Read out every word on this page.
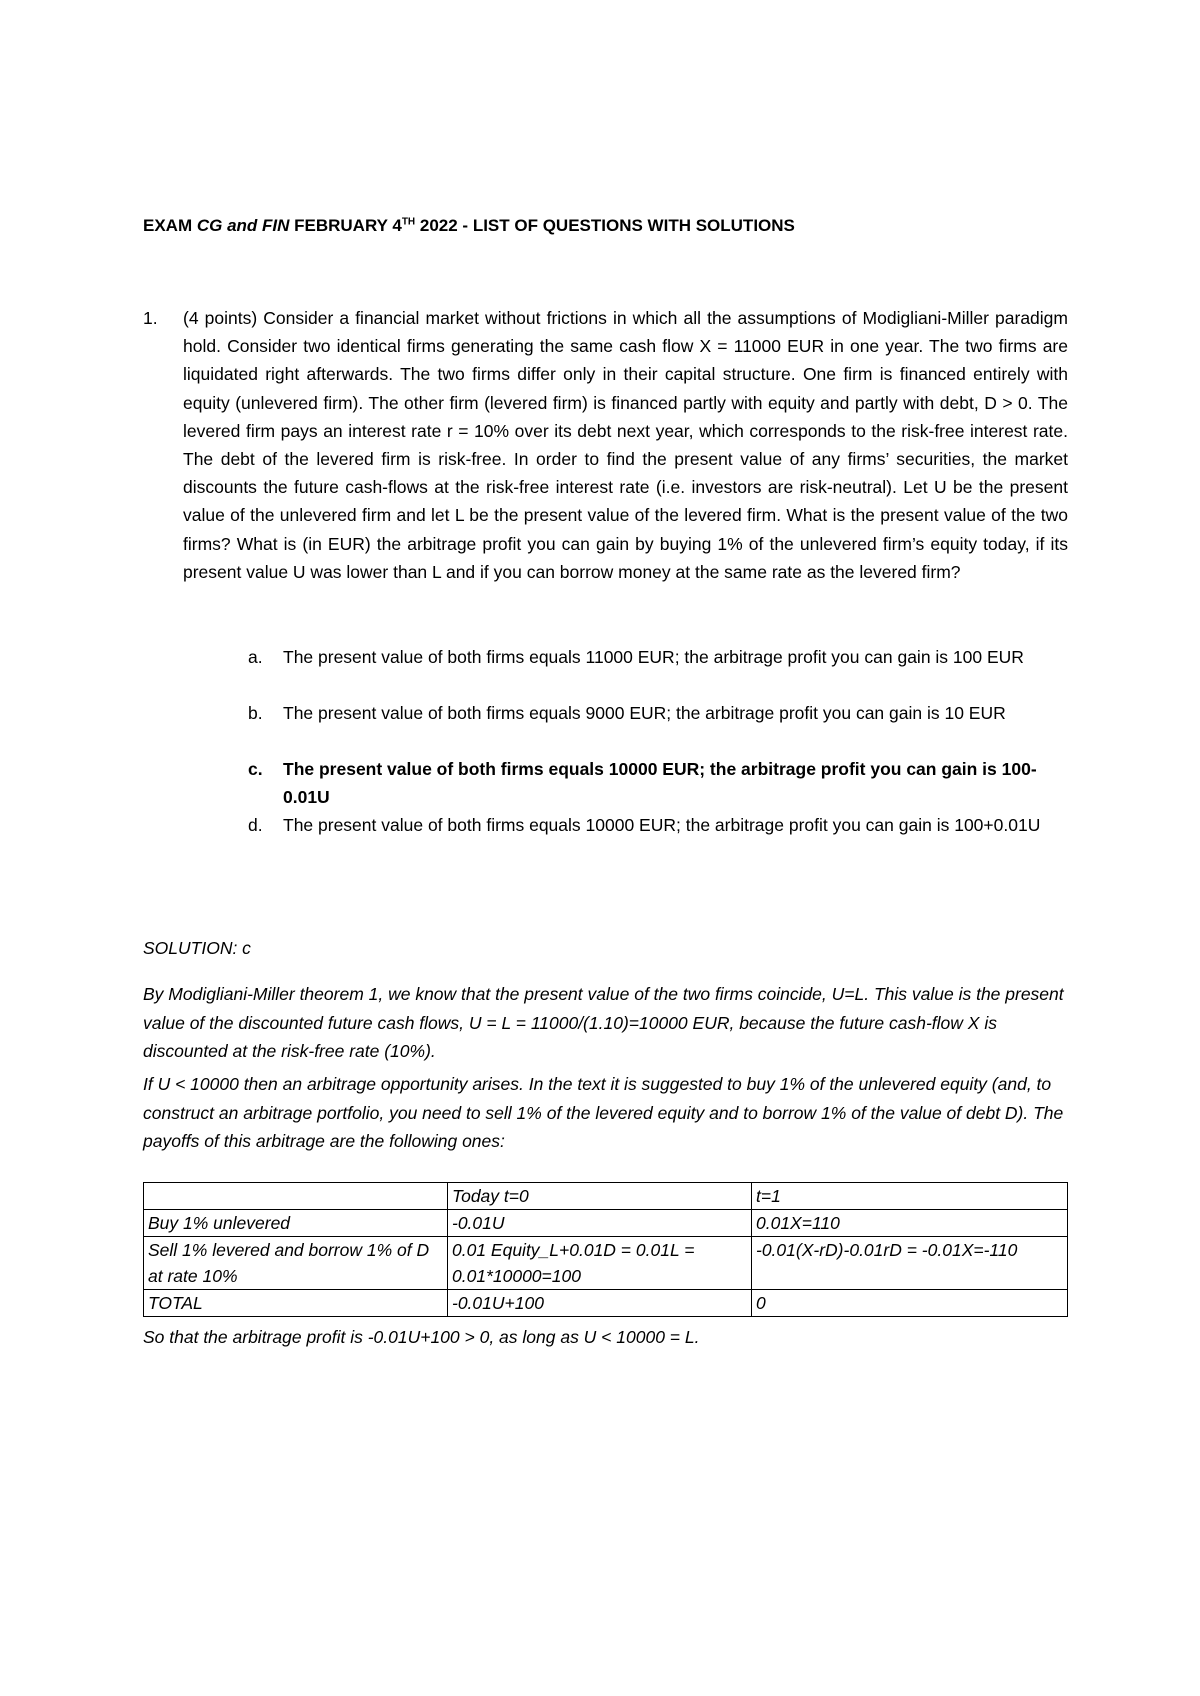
EXAM CG and FIN FEBRUARY 4TH 2022 - LIST OF QUESTIONS WITH SOLUTIONS
1. (4 points) Consider a financial market without frictions in which all the assumptions of Modigliani-Miller paradigm hold. Consider two identical firms generating the same cash flow X = 11000 EUR in one year. The two firms are liquidated right afterwards. The two firms differ only in their capital structure. One firm is financed entirely with equity (unlevered firm). The other firm (levered firm) is financed partly with equity and partly with debt, D > 0. The levered firm pays an interest rate r = 10% over its debt next year, which corresponds to the risk-free interest rate. The debt of the levered firm is risk-free. In order to find the present value of any firms’ securities, the market discounts the future cash-flows at the risk-free interest rate (i.e. investors are risk-neutral). Let U be the present value of the unlevered firm and let L be the present value of the levered firm. What is the present value of the two firms? What is (in EUR) the arbitrage profit you can gain by buying 1% of the unlevered firm’s equity today, if its present value U was lower than L and if you can borrow money at the same rate as the levered firm?
a.	The present value of both firms equals 11000 EUR; the arbitrage profit you can gain is 100 EUR
b.	The present value of both firms equals 9000 EUR; the arbitrage profit you can gain is 10 EUR
c.	The present value of both firms equals 10000 EUR; the arbitrage profit you can gain is 100-0.01U
d.	The present value of both firms equals 10000 EUR; the arbitrage profit you can gain is 100+0.01U
SOLUTION: c
By Modigliani-Miller theorem 1, we know that the present value of the two firms coincide, U=L. This value is the present value of the discounted future cash flows, U = L = 11000/(1.10)=10000 EUR, because the future cash-flow X is discounted at the risk-free rate (10%).
If U < 10000 then an arbitrage opportunity arises. In the text it is suggested to buy 1% of the unlevered equity (and, to construct an arbitrage portfolio, you need to sell 1% of the levered equity and to borrow 1% of the value of debt D). The payoffs of this arbitrage are the following ones:
	Today t=0	t=1
Buy 1% unlevered	-0.01U	0.01X=110
Sell 1% levered and borrow 1% of D at rate 10%	0.01 Equity_L+0.01D = 0.01L = 0.01*10000=100	-0.01(X-rD)-0.01rD = -0.01X=-110
TOTAL	-0.01U+100	0
So that the arbitrage profit is -0.01U+100 > 0, as long as U < 10000 = L.
